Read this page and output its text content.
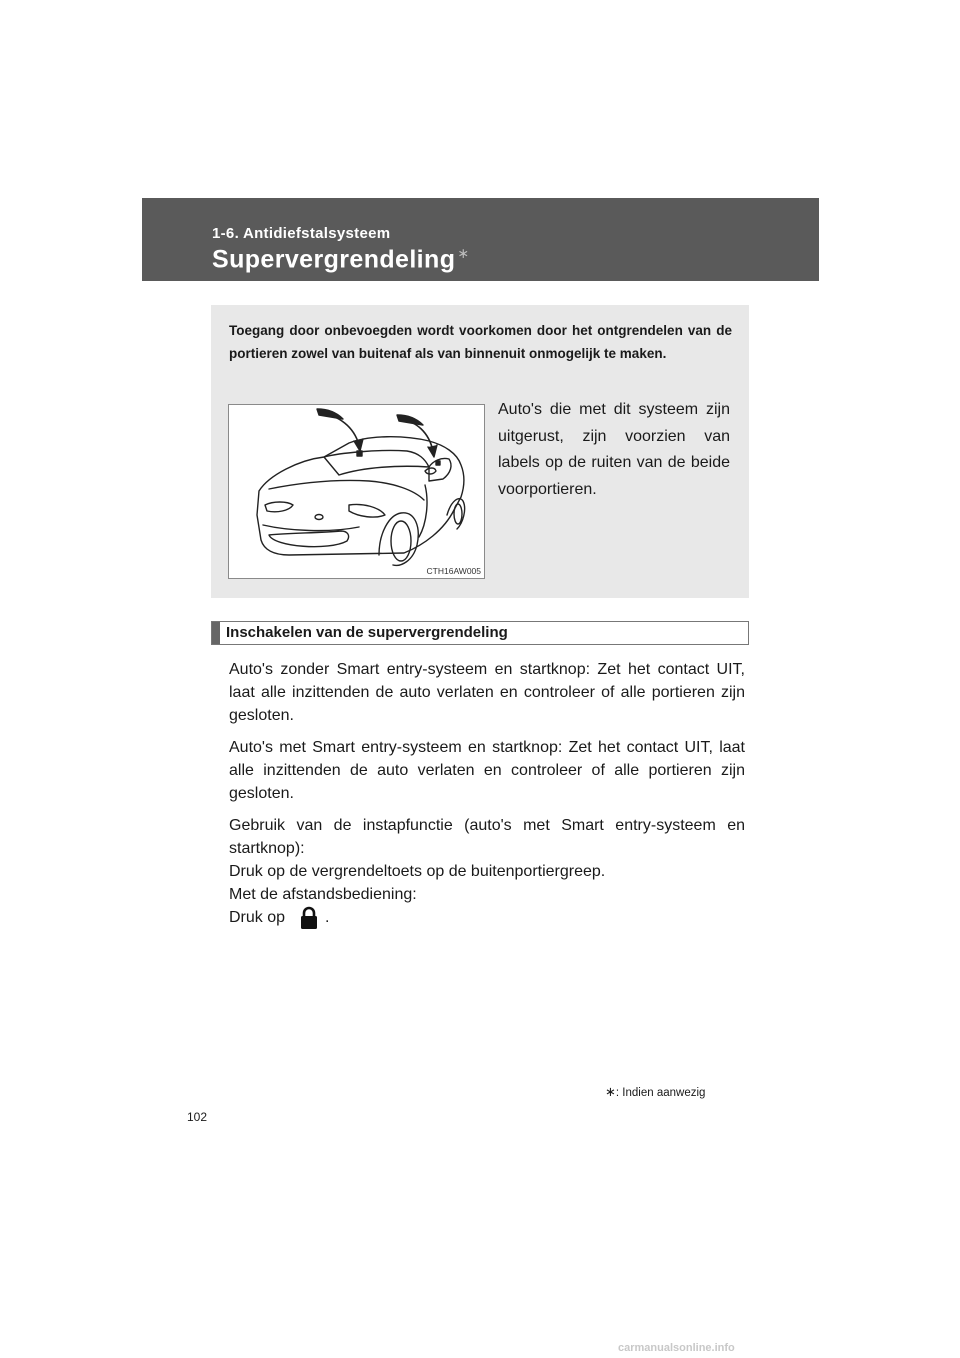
1-6. Antidiefstalsysteem
Supervergrendeling ∗
Toegang door onbevoegden wordt voorkomen door het ontgrendelen van de portieren zowel van buitenaf als van binnenuit onmogelijk te maken.
CTH16AW005
Auto's die met dit systeem zijn uitgerust, zijn voorzien van labels op de ruiten van de beide voorportieren.
Inschakelen van de supervergrendeling

Auto's zonder Smart entry-systeem en startknop: Zet het contact UIT, laat alle inzittenden de auto verlaten en controleer of alle portieren zijn gesloten.

Auto's met Smart entry-systeem en startknop: Zet het contact UIT, laat alle inzittenden de auto verlaten en controleer of alle portieren zijn gesloten.

Gebruik van de instapfunctie (auto's met Smart entry-systeem en startknop):
Druk op de vergrendeltoets op de buitenportiergreep.
Met de afstandsbediening:
Druk op	.

∗: Indien aanwezig
102
carmanualsonline.info
